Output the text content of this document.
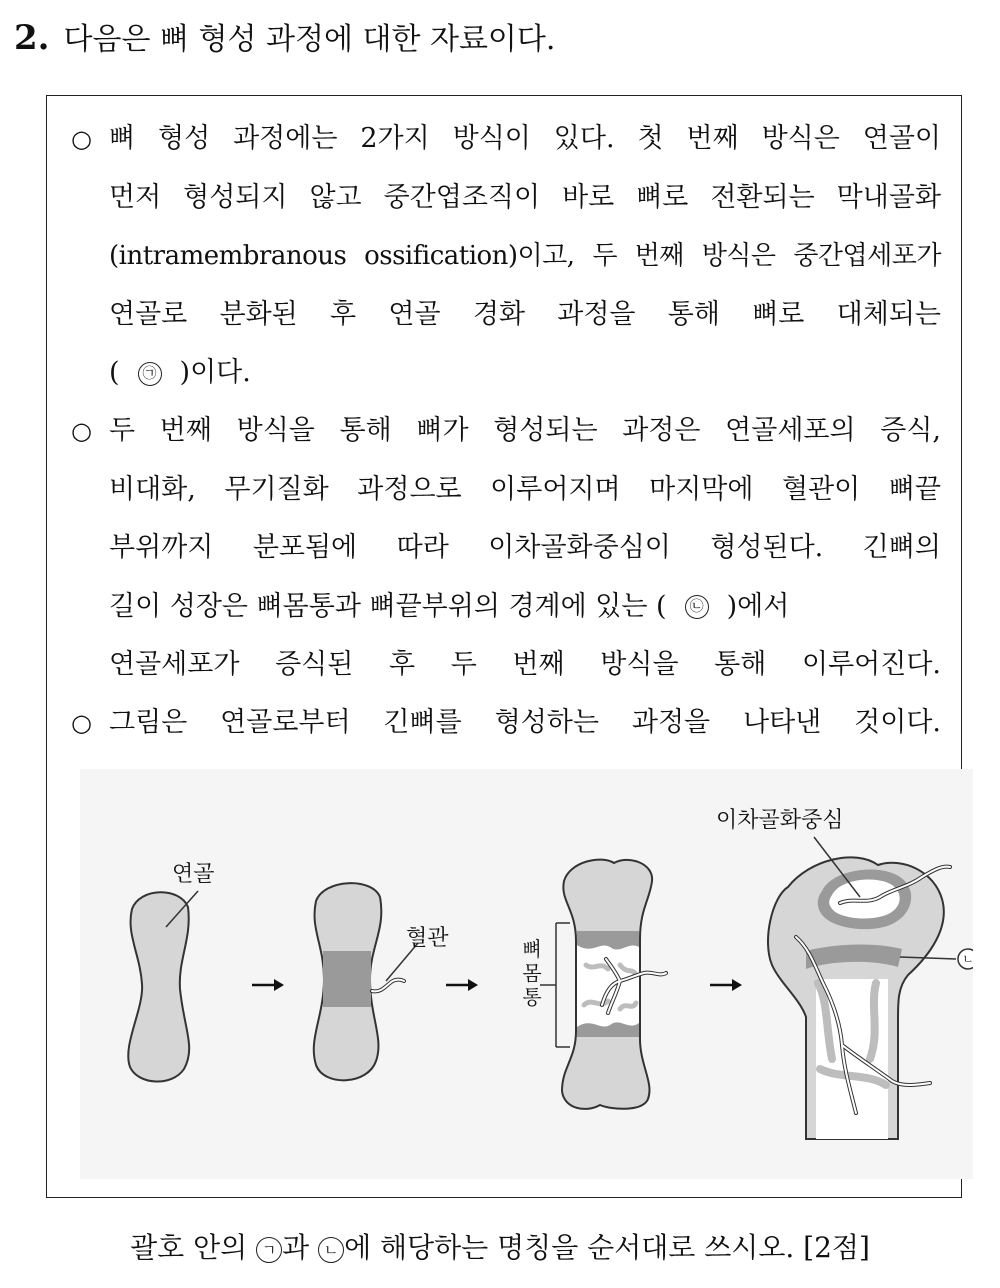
2. 다음은 뼈 형성 과정에 대한 자료이다.
○ 뼈 형성 과정에는 2가지 방식이 있다. 첫 번째 방식은 연골이
먼저 형성되지 않고 중간엽조직이 바로 뼈로 전환되는 막내골화
(intramembranous ossification)이고, 두 번째 방식은 중간엽세포가
연골로 분화된 후 연골 경화 과정을 통해 뼈로 대체되는
( ㉠ )이다.
○ 두 번째 방식을 통해 뼈가 형성되는 과정은 연골세포의 증식,
비대화, 무기질화 과정으로 이루어지며 마지막에 혈관이 뼈끝
부위까지 분포됨에 따라 이차골화중심이 형성된다. 긴뼈의
길이 성장은 뼈몸통과 뼈끝부위의 경계에 있는 ( ㉡ )에서
연골세포가 증식된 후 두 번째 방식을 통해 이루어진다.
○ 그림은 연골로부터 긴뼈를 형성하는 과정을 나타낸 것이다.
연골
혈관	뼈
몸
통
이차골화중심
ㄴ
괄호 안의 ㄱ 과 ㄴ 에 해당하는 명칭을 순서대로 쓰시오. [2점]
